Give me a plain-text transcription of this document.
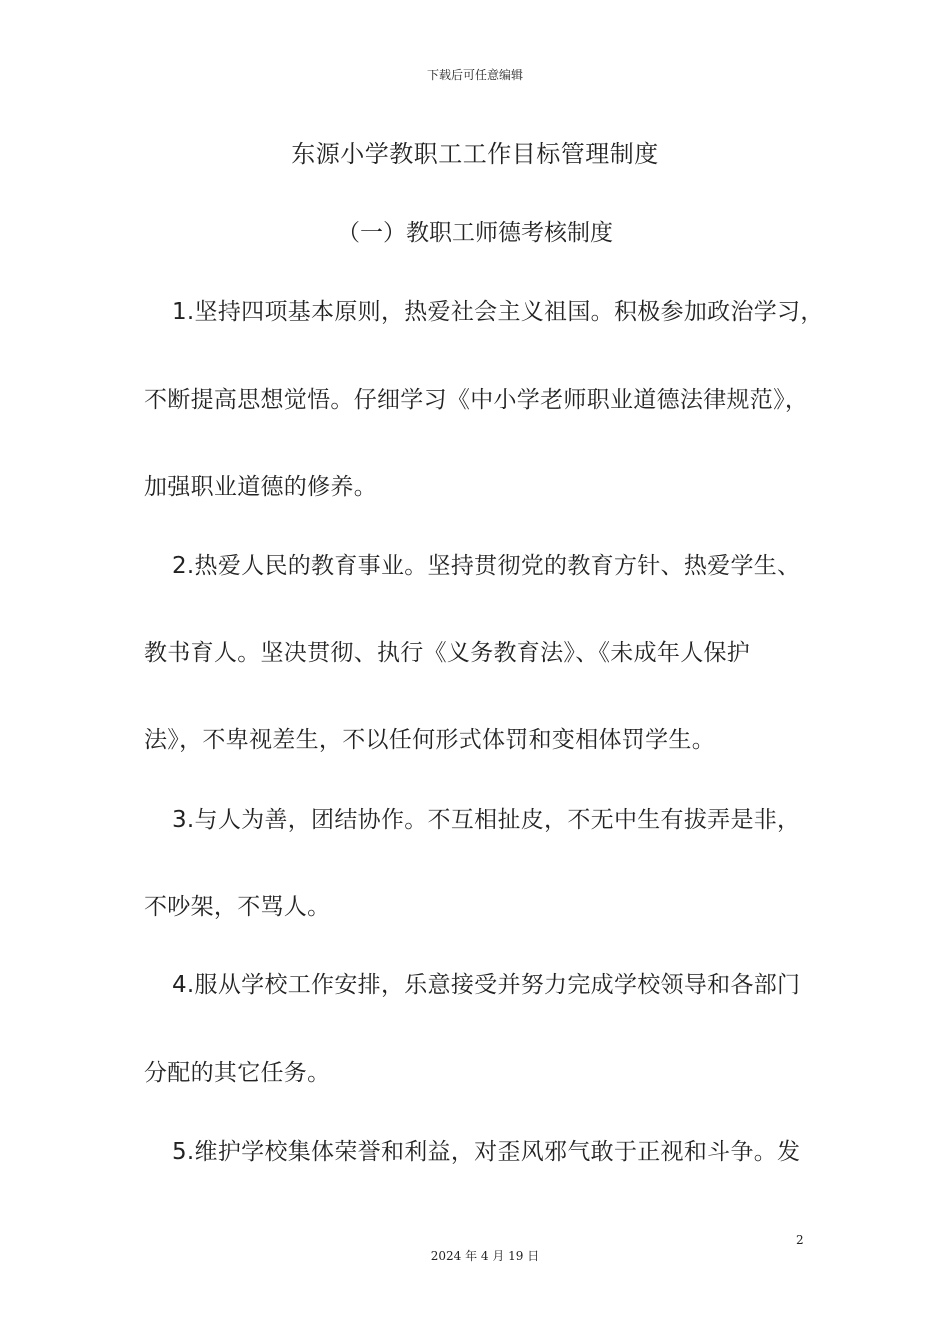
下载后可任意编辑
东源小学教职工工作目标管理制度
（一）教职工师德考核制度
1.坚持四项基本原则，热爱社会主义祖国。积极参加政治学习，
不断提高思想觉悟。仔细学习《中小学老师职业道德法律规范》，
加强职业道德的修养。
2.热爱人民的教育事业。坚持贯彻党的教育方针、热爱学生、
教书育人。坚决贯彻、执行《义务教育法》、《未成年人保护
法》，不卑视差生，不以任何形式体罚和变相体罚学生。
3.与人为善，团结协作。不互相扯皮，不无中生有拔弄是非，
不吵架，不骂人。
4.服从学校工作安排，乐意接受并努力完成学校领导和各部门
分配的其它任务。
5.维护学校集体荣誉和利益，对歪风邪气敢于正视和斗争。发
2
2024 年 4 月 19 日
